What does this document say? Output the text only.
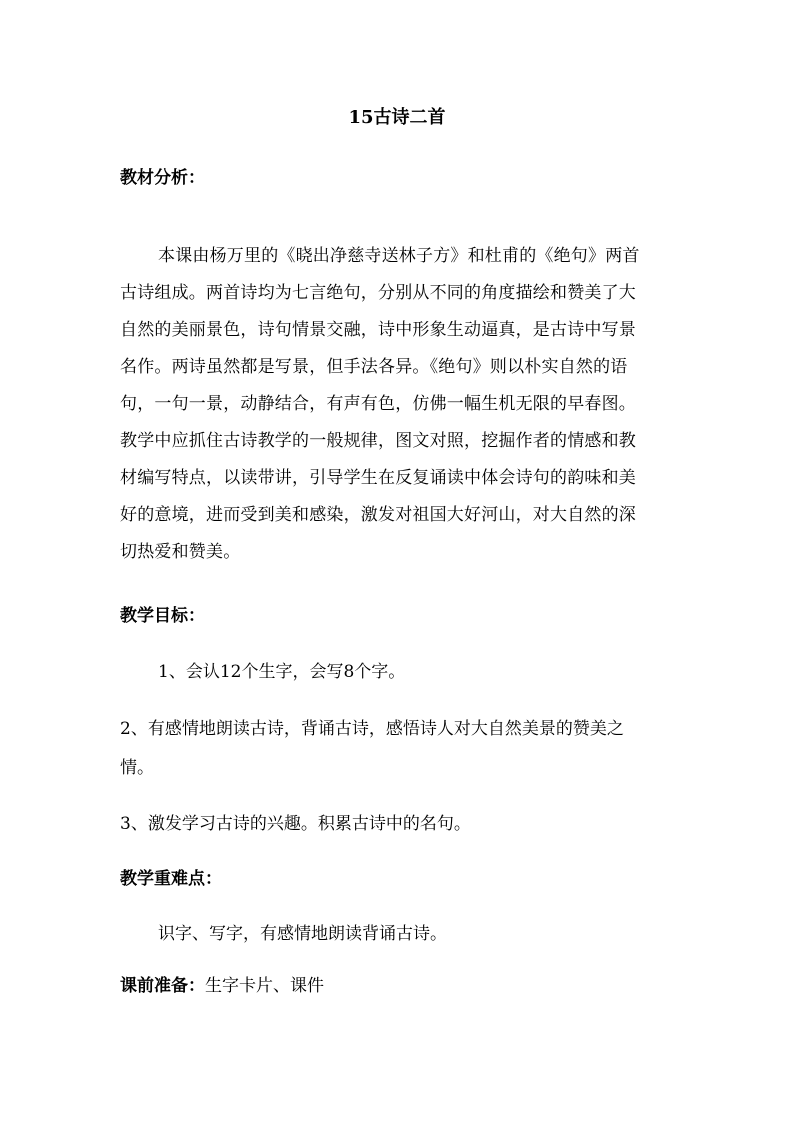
15古诗二首
教材分析：
本课由杨万里的《晓出净慈寺送林子方》和杜甫的《绝句》两首
古诗组成。两首诗均为七言绝句，分别从不同的角度描绘和赞美了大
自然的美丽景色，诗句情景交融，诗中形象生动逼真，是古诗中写景
名作。两诗虽然都是写景，但手法各异。《绝句》则以朴实自然的语
句，一句一景，动静结合，有声有色，仿佛一幅生机无限的早春图。
教学中应抓住古诗教学的一般规律，图文对照，挖掘作者的情感和教
材编写特点，以读带讲，引导学生在反复诵读中体会诗句的韵味和美
好的意境，进而受到美和感染，激发对祖国大好河山，对大自然的深
切热爱和赞美。
教学目标：
1、会认12个生字，会写8个字。
2、有感情地朗读古诗，背诵古诗，感悟诗人对大自然美景的赞美之
情。
3、激发学习古诗的兴趣。积累古诗中的名句。
教学重难点：
识字、写字，有感情地朗读背诵古诗。
课前准备：生字卡片、课件
